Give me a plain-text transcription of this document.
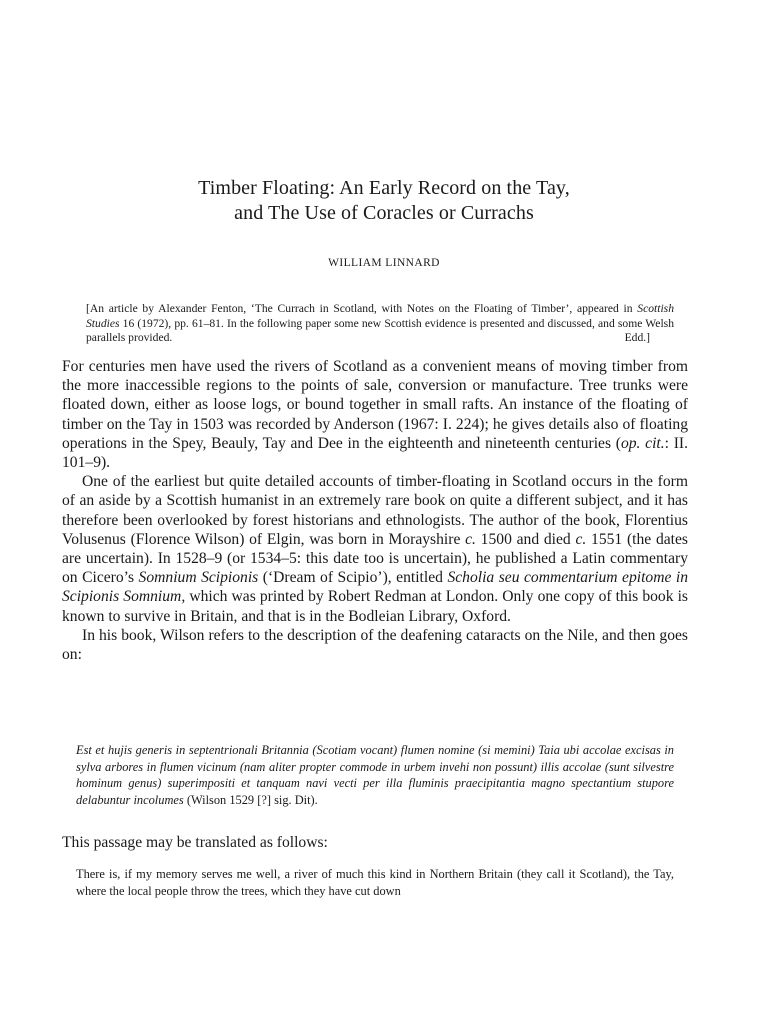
Timber Floating: An Early Record on the Tay,
and The Use of Coracles or Currachs
WILLIAM LINNARD
[An article by Alexander Fenton, ‘The Currach in Scotland, with Notes on the Floating of Timber’, appeared in Scottish Studies 16 (1972), pp. 61–81. In the following paper some new Scottish evidence is presented and discussed, and some Welsh parallels provided.	Edd.]

For centuries men have used the rivers of Scotland as a convenient means of moving timber from the more inaccessible regions to the points of sale, conversion or manufacture. Tree trunks were floated down, either as loose logs, or bound together in small rafts. An instance of the floating of timber on the Tay in 1503 was recorded by Anderson (1967: I. 224); he gives details also of floating operations in the Spey, Beauly, Tay and Dee in the eighteenth and nineteenth centuries (op. cit.: II. 101–9).

One of the earliest but quite detailed accounts of timber-floating in Scotland occurs in the form of an aside by a Scottish humanist in an extremely rare book on quite a different subject, and it has therefore been overlooked by forest historians and ethnologists. The author of the book, Florentius Volusenus (Florence Wilson) of Elgin, was born in Morayshire c. 1500 and died c. 1551 (the dates are uncertain). In 1528–9 (or 1534–5: this date too is uncertain), he published a Latin commentary on Cicero’s Somnium Scipionis (‘Dream of Scipio’), entitled Scholia seu commentarium epitome in Scipionis Somnium, which was printed by Robert Redman at London. Only one copy of this book is known to survive in Britain, and that is in the Bodleian Library, Oxford.

In his book, Wilson refers to the description of the deafening cataracts on the Nile, and then goes on:

Est et hujis generis in septentrionali Britannia (Scotiam vocant) flumen nomine (si memini) Taia ubi accolae excisas in sylva arbores in flumen vicinum (nam aliter propter commode in urbem invehi non possunt) illis accolae (sunt silvestre hominum genus) superimpositi et tanquam navi vecti per illa fluminis praecipitantia magno spectantium stupore delabuntur incolumes (Wilson 1529 [?] sig. Dit).
This passage may be translated as follows:
There is, if my memory serves me well, a river of much this kind in Northern Britain (they call it Scotland), the Tay, where the local people throw the trees, which they have cut down
